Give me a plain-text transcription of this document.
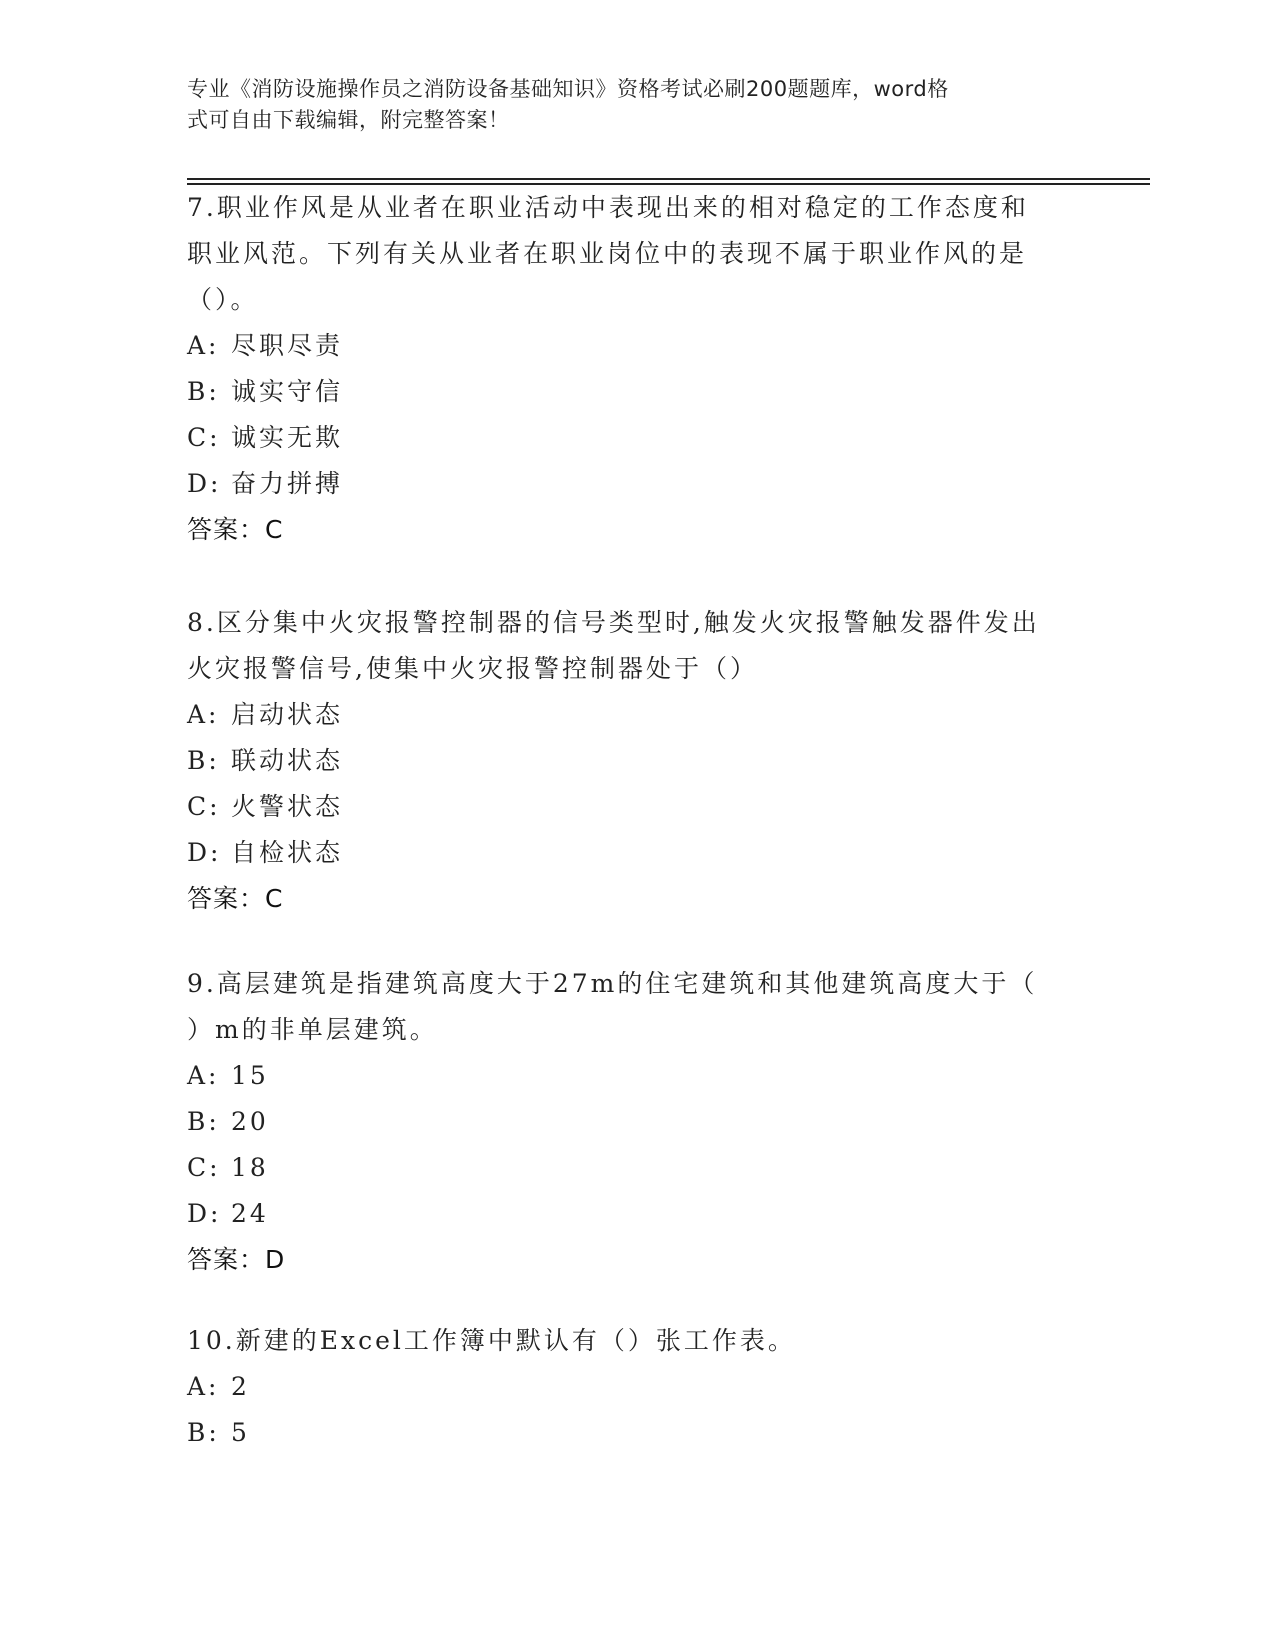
专业《消防设施操作员之消防设备基础知识》资格考试必刷200题题库，word格

式可自由下载编辑，附完整答案！

7.职业作风是从业者在职业活动中表现出来的相对稳定的工作态度和

职业风范。下列有关从业者在职业岗位中的表现不属于职业作风的是

（）。

A: 尽职尽责

B: 诚实守信

C: 诚实无欺

D: 奋力拼搏

答案：C

8.区分集中火灾报警控制器的信号类型时,触发火灾报警触发器件发出

火灾报警信号,使集中火灾报警控制器处于（）

A: 启动状态

B: 联动状态

C: 火警状态

D: 自检状态

答案：C

9.高层建筑是指建筑高度大于27m的住宅建筑和其他建筑高度大于（

）m的非单层建筑。

A: 15

B: 20

C: 18

D: 24

答案：D

10.新建的Excel工作簿中默认有（）张工作表。

A: 2

B: 5
